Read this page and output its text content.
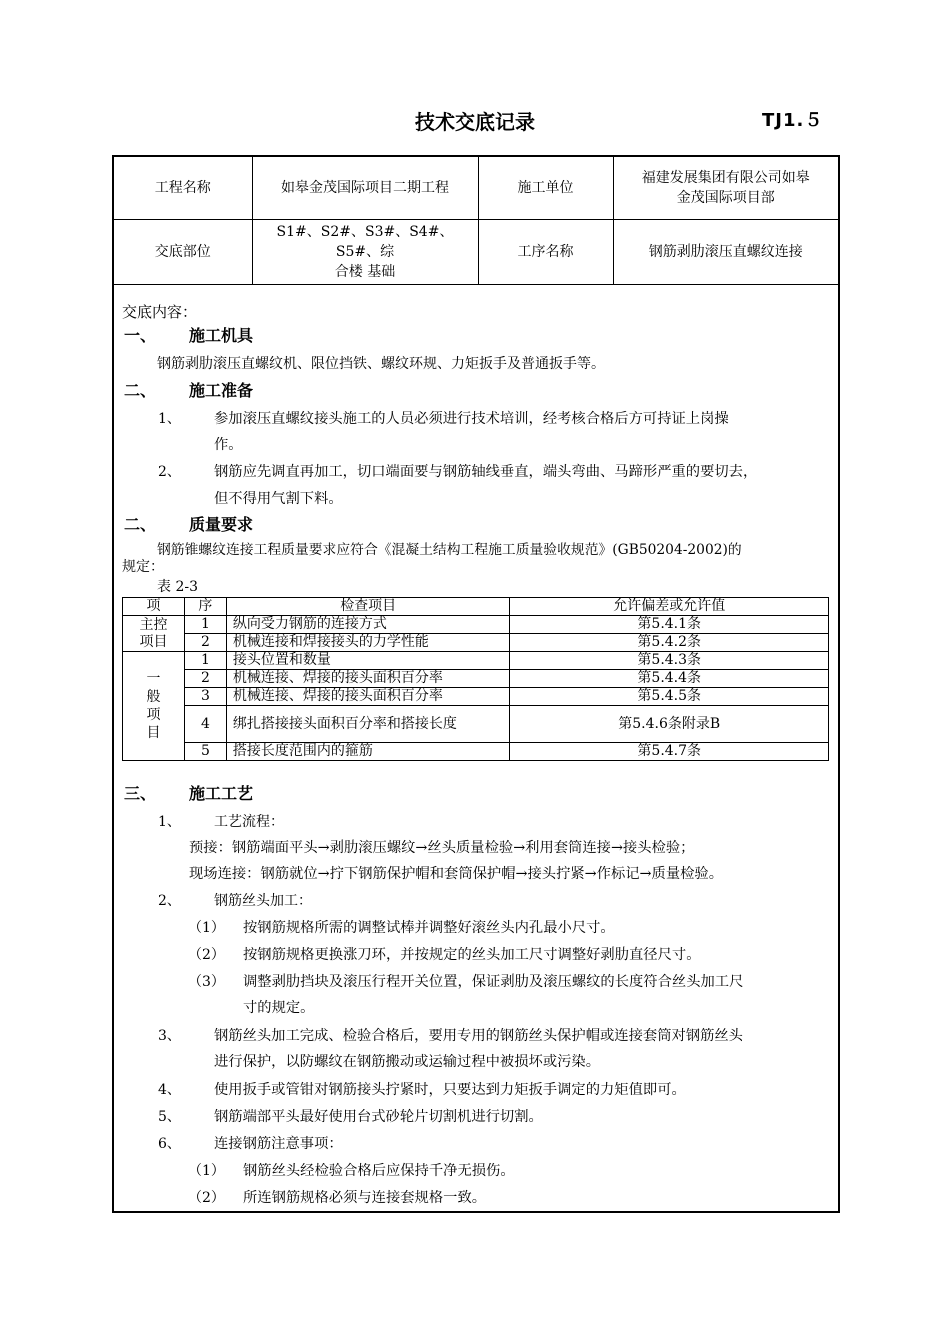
技术交底记录	TJ1.５
工程名称	如皋金茂国际项目二期工程	施工单位	福建发展集团有限公司如皋
金茂国际项目部
交底部位	S1#、S2#、S3#、S4#、S5#、综
合楼 基础	工序名称	钢筋剥肋滚压直螺纹连接
交底内容：
一、 施工机具
钢筋剥肋滚压直螺纹机、限位挡铁、螺纹环规、力矩扳手及普通扳手等。
二、 施工准备
1、 参加滚压直螺纹接头施工的人员必须进行技术培训，经考核合格后方可持证上岗操
作。
2、 钢筋应先调直再加工，切口端面要与钢筋轴线垂直，端头弯曲、马蹄形严重的要切去，
但不得用气割下料。
二、 质量要求
钢筋锥螺纹连接工程质量要求应符合《混凝土结构工程施工质量验收规范》(GB50204-2002)的
规定：
表 2-3
项	序	检查项目	允许偏差或允许值
主控
项目	1	纵向受力钢筋的连接方式	第5.4.1条
	2	机械连接和焊接接头的力学性能	第5.4.2条
一
般
项
目	1	接头位置和数量	第5.4.3条
	2	机械连接、焊接的接头面积百分率	第5.4.4条
	3	机械连接、焊接的接头面积百分率	第5.4.5条
	4	绑扎搭接接头面积百分率和搭接长度	第5.4.6条附录B
	5	搭接长度范围内的箍筋	第5.4.7条
三、 施工工艺
1、 工艺流程：
预接：钢筋端面平头→剥肋滚压螺纹→丝头质量检验→利用套筒连接→接头检验；
现场连接：钢筋就位→拧下钢筋保护帽和套筒保护帽→接头拧紧→作标记→质量检验。
2、 钢筋丝头加工：
（1） 按钢筋规格所需的调整试棒并调整好滚丝头内孔最小尺寸。
（2） 按钢筋规格更换涨刀环，并按规定的丝头加工尺寸调整好剥肋直径尺寸。
（3） 调整剥肋挡块及滚压行程开关位置，保证剥肋及滚压螺纹的长度符合丝头加工尺
寸的规定。
3、 钢筋丝头加工完成、检验合格后，要用专用的钢筋丝头保护帽或连接套筒对钢筋丝头
进行保护，以防螺纹在钢筋搬动或运输过程中被损坏或污染。
4、 使用扳手或管钳对钢筋接头拧紧时，只要达到力矩扳手调定的力矩值即可。
5、 钢筋端部平头最好使用台式砂轮片切割机进行切割。
6、 连接钢筋注意事项：
（1） 钢筋丝头经检验合格后应保持千净无损伤。
（2） 所连钢筋规格必须与连接套规格一致。
